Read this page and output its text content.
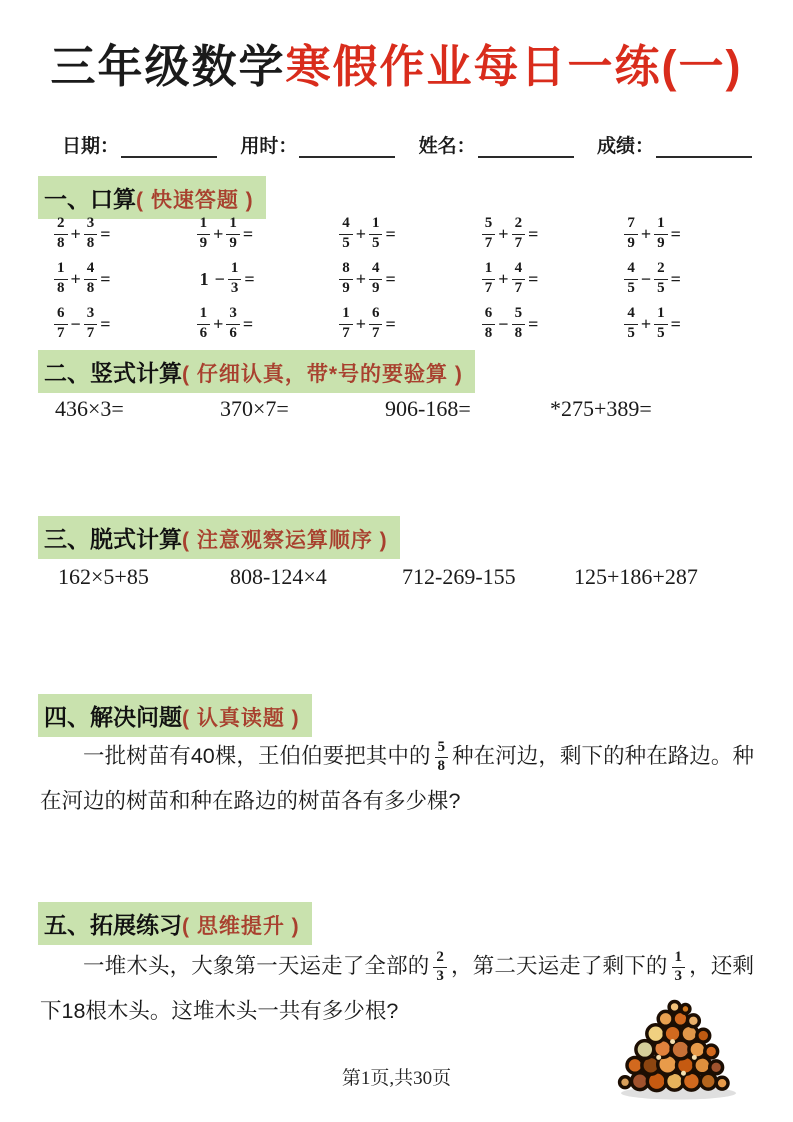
三年级数学寒假作业每日一练(一)
日期：	用时：	姓名：	成绩：
一、口算( 快速答题 )
$\frac{2}{8} + \frac{3}{8}$ =	$\frac{1}{9} + \frac{1}{9}$ =	$\frac{4}{5} + \frac{1}{5}$ =	$\frac{5}{7} + \frac{2}{7}$ =	$\frac{7}{9} + \frac{1}{9}$ =
$\frac{1}{8} + \frac{4}{8}$ =	$1 - \frac{1}{3}$ =	$\frac{8}{9} + \frac{4}{9}$ =	$\frac{1}{7} + \frac{4}{7}$ =	$\frac{4}{5} - \frac{2}{5}$ =
$\frac{6}{7} - \frac{3}{7}$ =	$\frac{1}{6} + \frac{3}{6}$ =	$\frac{1}{7} + \frac{6}{7}$ =	$\frac{6}{8} - \frac{5}{8}$ =	$\frac{4}{5} + \frac{1}{5}$ =
二、竖式计算( 仔细认真，带*号的要验算 )
436×3=	370×7=	906-168=	*275+389=
三、脱式计算( 注意观察运算顺序 )
162×5+85	808-124×4	712-269-155	125+186+287
四、解决问题( 认真读题 )
一批树苗有40棵，王伯伯要把其中的 $\frac{5}{8}$ 种在河边，剩下的种在路边。种在河边的树苗和种在路边的树苗各有多少棵?
五、拓展练习( 思维提升 )
一堆木头，大象第一天运走了全部的 $\frac{2}{3}$ ，第二天运走了剩下的 $\frac{1}{3}$ ，还剩下18根木头。这堆木头一共有多少根?
第1页,共30页
